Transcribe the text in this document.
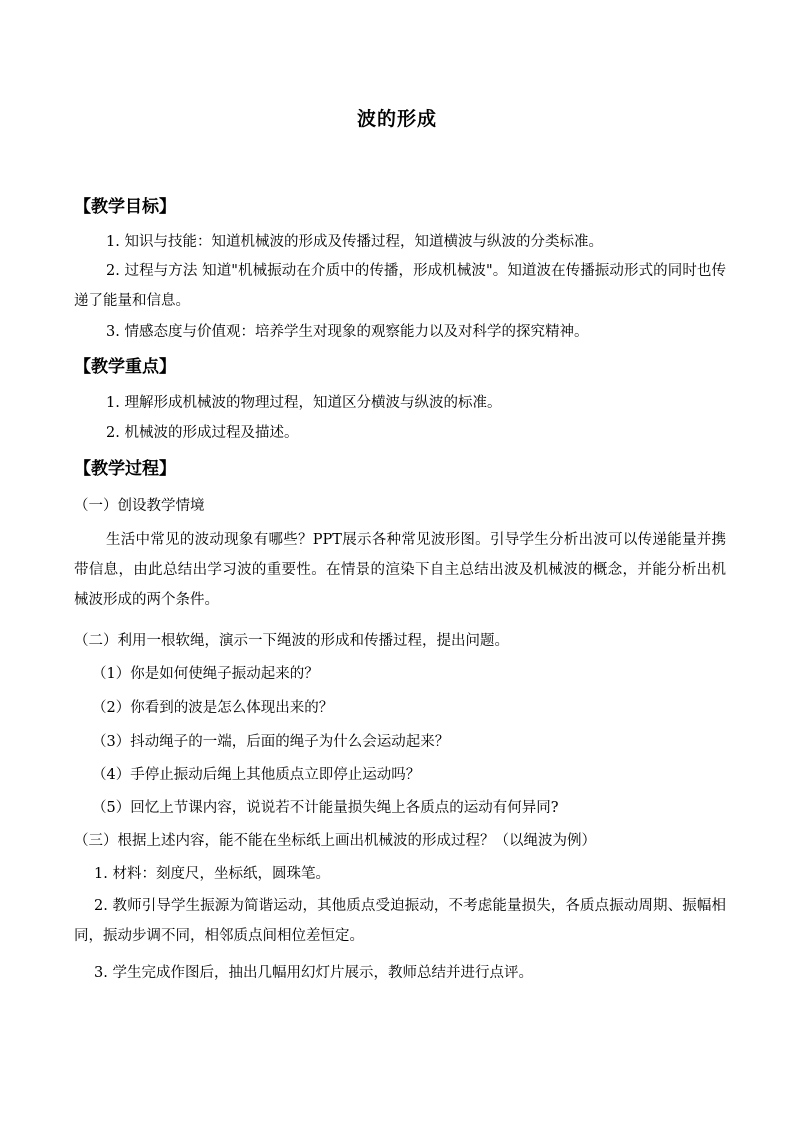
波的形成
【教学目标】
1. 知识与技能：知道机械波的形成及传播过程，知道横波与纵波的分类标准。
2. 过程与方法 知道"机械振动在介质中的传播，形成机械波"。知道波在传播振动形式的同时也传递了能量和信息。
3. 情感态度与价值观：培养学生对现象的观察能力以及对科学的探究精神。
【教学重点】
1. 理解形成机械波的物理过程，知道区分横波与纵波的标准。
2. 机械波的形成过程及描述。
【教学过程】
（一）创设教学情境
生活中常见的波动现象有哪些？PPT展示各种常见波形图。引导学生分析出波可以传递能量并携带信息，由此总结出学习波的重要性。在情景的渲染下自主总结出波及机械波的概念，并能分析出机械波形成的两个条件。
（二）利用一根软绳，演示一下绳波的形成和传播过程，提出问题。
（1）你是如何使绳子振动起来的？
（2）你看到的波是怎么体现出来的？
（3）抖动绳子的一端，后面的绳子为什么会运动起来？
（4）手停止振动后绳上其他质点立即停止运动吗？
（5）回忆上节课内容，说说若不计能量损失绳上各质点的运动有何异同?
（三）根据上述内容，能不能在坐标纸上画出机械波的形成过程？（以绳波为例）
1. 材料：刻度尺，坐标纸，圆珠笔。
2. 教师引导学生振源为简谐运动，其他质点受迫振动，不考虑能量损失，各质点振动周期、振幅相同，振动步调不同，相邻质点间相位差恒定。
3. 学生完成作图后，抽出几幅用幻灯片展示，教师总结并进行点评。
